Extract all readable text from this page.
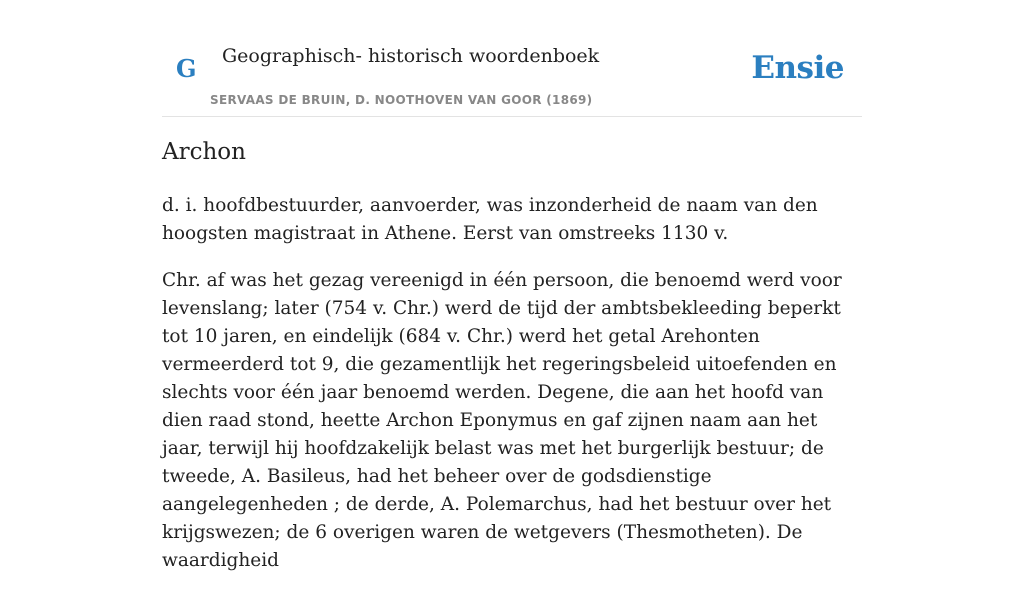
G Geographisch- historisch woordenboek
SERVAAS DE BRUIN, D. NOOTHOVEN VAN GOOR (1869)
Ensie
Archon

d. i. hoofdbestuurder, aanvoerder, was inzonderheid de naam van den hoogsten magistraat in Athene. Eerst van omstreeks 1130 v.

Chr. af was het gezag vereenigd in één persoon, die benoemd werd voor levenslang; later (754 v. Chr.) werd de tijd der ambtsbekleeding beperkt tot 10 jaren, en eindelijk (684 v. Chr.) werd het getal Arehonten vermeerderd tot 9, die gezamentlijk het regeringsbeleid uitoefenden en slechts voor één jaar benoemd werden. Degene, die aan het hoofd van dien raad stond, heette Archon Eponymus en gaf zijnen naam aan het jaar, terwijl hij hoofdzakelijk belast was met het burgerlijk bestuur; de tweede, A. Basileus, had het beheer over de godsdienstige aangelegenheden ; de derde, A. Polemarchus, had het bestuur over het krijgswezen; de 6 overigen waren de wetgevers (Thesmotheten). De waardigheid
